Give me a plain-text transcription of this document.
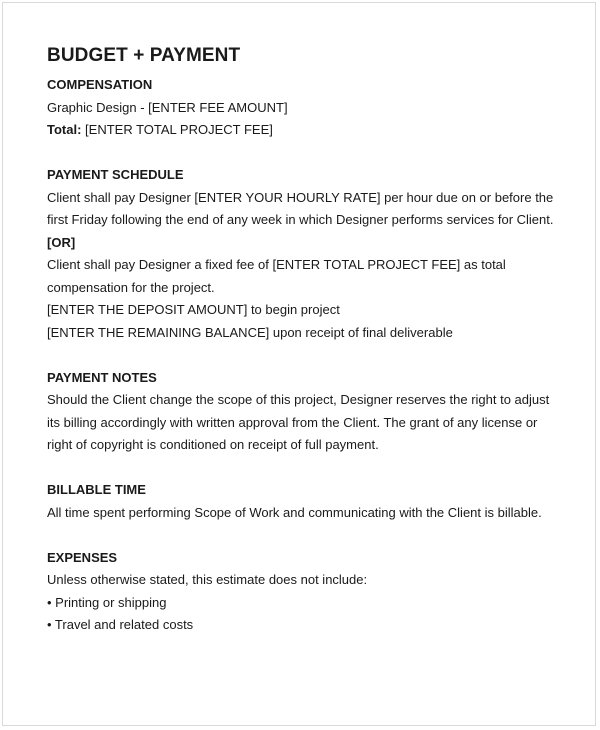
BUDGET + PAYMENT
COMPENSATION
Graphic Design - [ENTER FEE AMOUNT]
Total: [ENTER TOTAL PROJECT FEE]
PAYMENT SCHEDULE
Client shall pay Designer [ENTER YOUR HOURLY RATE] per hour due on or before the
first Friday following the end of any week in which Designer performs services for Client.
[OR]
Client shall pay Designer a fixed fee of [ENTER TOTAL PROJECT FEE] as total
compensation for the project.
[ENTER THE DEPOSIT AMOUNT] to begin project
[ENTER THE REMAINING BALANCE] upon receipt of final deliverable
PAYMENT NOTES
Should the Client change the scope of this project, Designer reserves the right to adjust
its billing accordingly with written approval from the Client. The grant of any license or
right of copyright is conditioned on receipt of full payment.
BILLABLE TIME
All time spent performing Scope of Work and communicating with the Client is billable.
EXPENSES
Unless otherwise stated, this estimate does not include:
• Printing or shipping
• Travel and related costs
